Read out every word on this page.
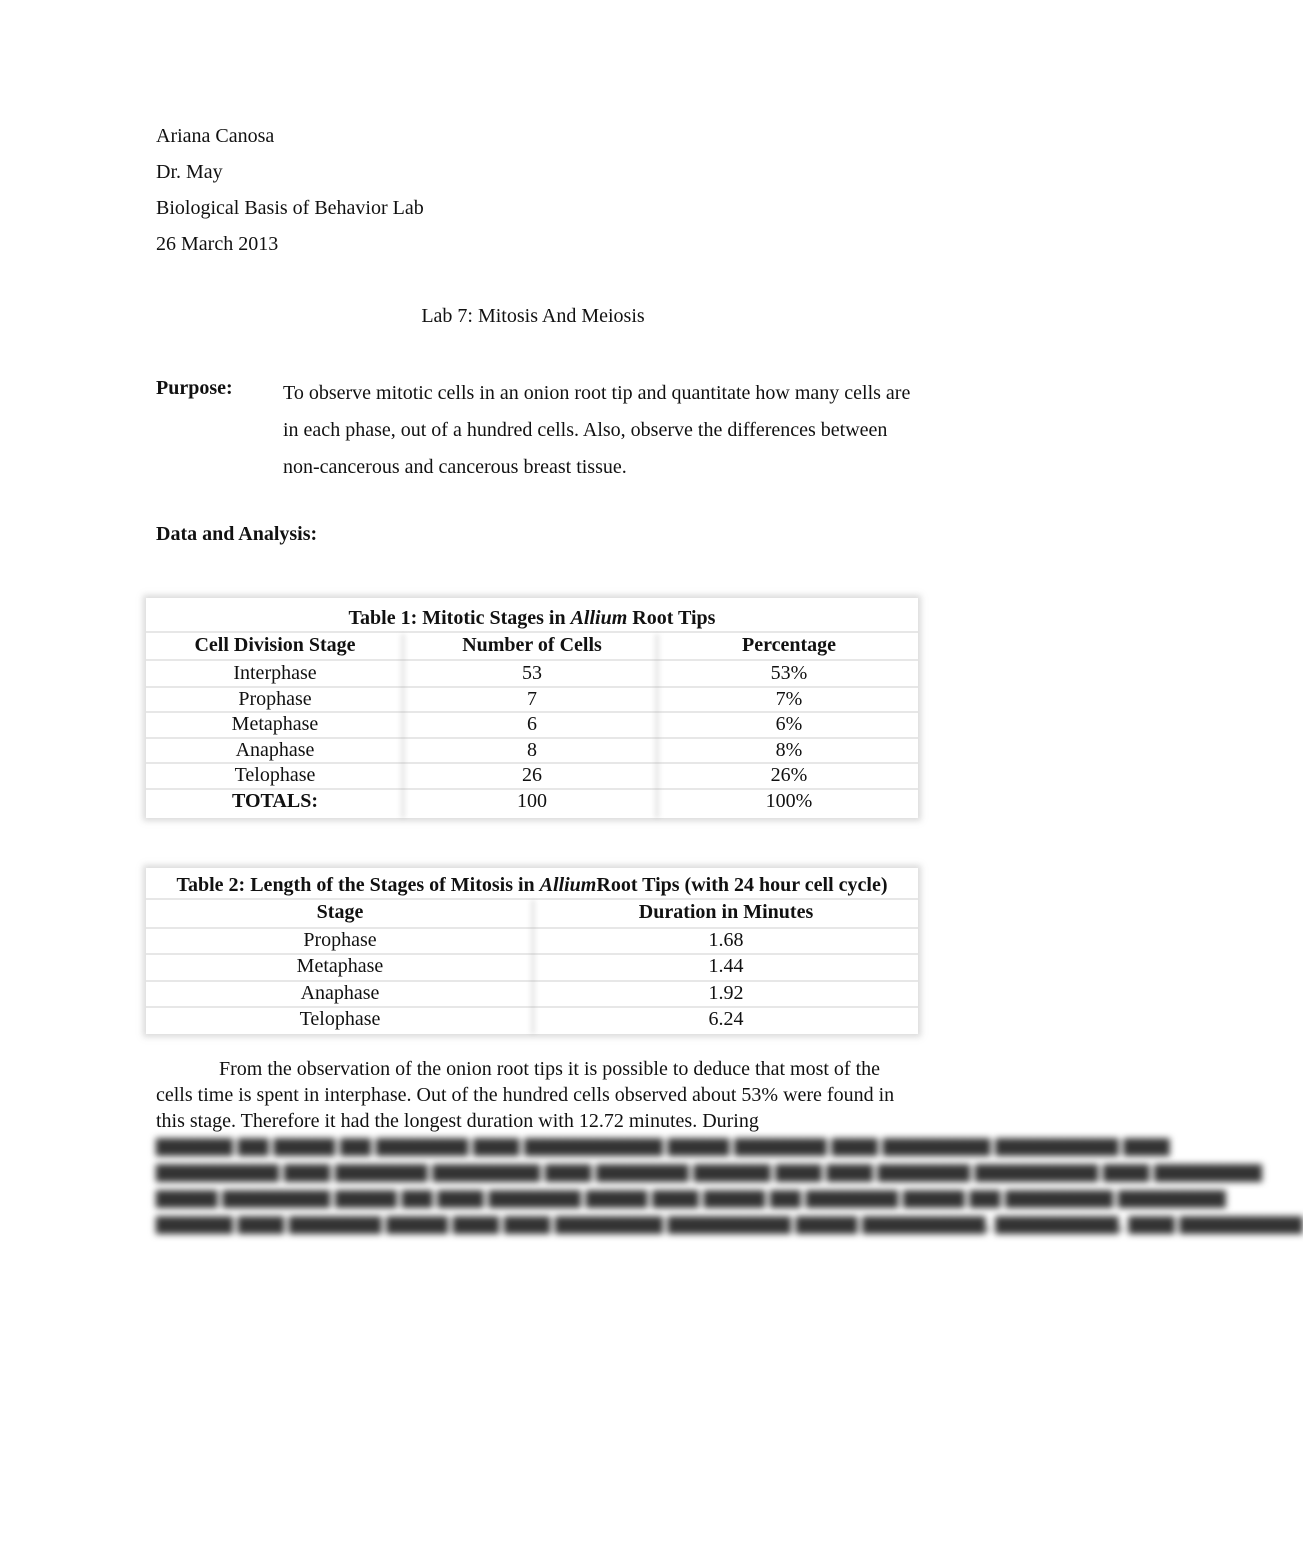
Ariana Canosa
Dr. May
Biological Basis of Behavior Lab
26 March 2013
Lab 7: Mitosis And Meiosis
Purpose:	To observe mitotic cells in an onion root tip and quantitate how many cells are in each phase, out of a hundred cells. Also, observe the differences between non-cancerous and cancerous breast tissue.
Data and Analysis:
Table 1: Mitotic Stages in Allium Root Tips
Cell Division Stage	Number of Cells	Percentage
Interphase	53	53%
Prophase	7	7%
Metaphase	6	6%
Anaphase	8	8%
Telophase	26	26%
TOTALS:	100	100%
Table 2: Length of the Stages of Mitosis in AlliumRoot Tips (with 24 hour cell cycle)
Stage	Duration in Minutes
Prophase	1.68
Metaphase	1.44
Anaphase	1.92
Telophase	6.24
From the observation of the onion root tips it is possible to deduce that most of the cells time is spent in interphase. Out of the hundred cells observed about 53% were found in this stage. Therefore it had the longest duration with 12.72 minutes. During
▆▆▆▆▆ ▆▆ ▆▆▆▆ ▆▆ ▆▆▆▆▆▆ ▆▆▆ ▆▆▆▆▆▆▆▆▆ ▆▆▆▆ ▆▆▆▆▆▆ ▆▆▆ ▆▆▆▆▆▆▆ ▆▆▆▆▆▆▆▆ ▆▆▆
▆▆▆▆▆▆▆▆ ▆▆▆ ▆▆▆▆▆▆ ▆▆▆▆▆▆▆ ▆▆▆ ▆▆▆▆▆▆ ▆▆▆▆▆ ▆▆▆ ▆▆▆ ▆▆▆▆▆▆ ▆▆▆▆▆▆▆▆ ▆▆▆ ▆▆▆▆▆▆▆
▆▆▆▆ ▆▆▆▆▆▆▆ ▆▆▆▆ ▆▆ ▆▆▆ ▆▆▆▆▆▆ ▆▆▆▆ ▆▆▆ ▆▆▆▆ ▆▆ ▆▆▆▆▆▆ ▆▆▆▆ ▆▆ ▆▆▆▆▆▆▆ ▆▆▆▆▆▆▆
▆▆▆▆▆ ▆▆▆ ▆▆▆▆▆▆ ▆▆▆▆ ▆▆▆ ▆▆▆ ▆▆▆▆▆▆▆ ▆▆▆▆▆▆▆▆ ▆▆▆▆ ▆▆▆▆▆▆▆▆, ▆▆▆▆▆▆▆▆, ▆▆▆ ▆▆▆▆▆▆▆▆
